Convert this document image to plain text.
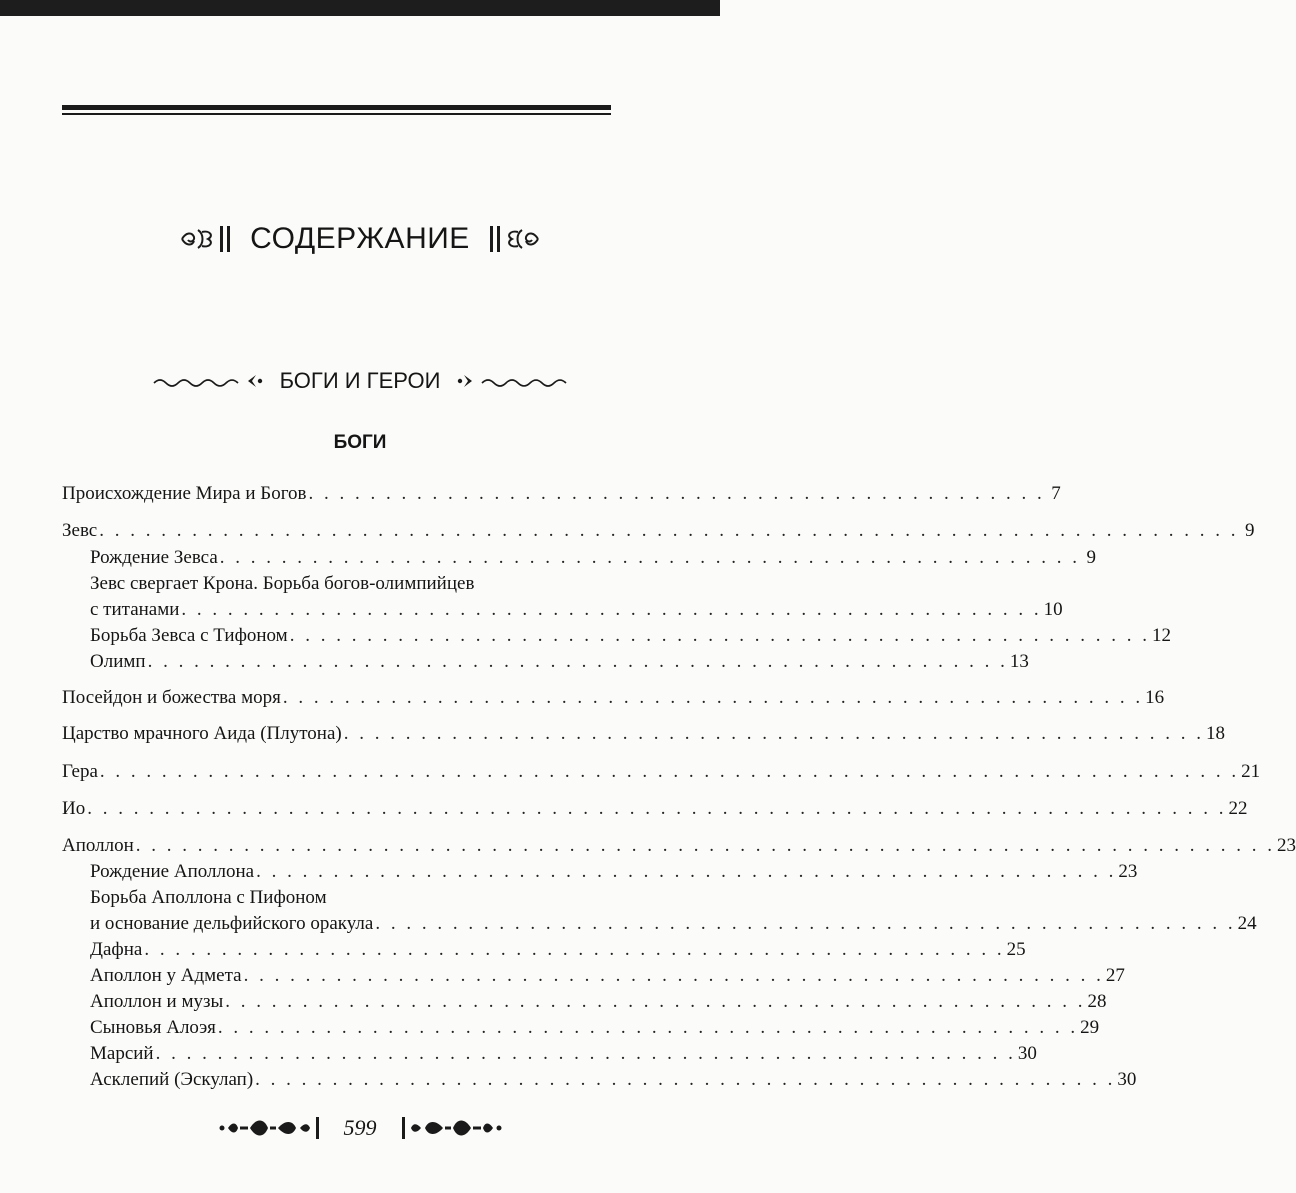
СОДЕРЖАНИЕ
БОГИ И ГЕРОИ
БОГИ
Происхождение Мира и Богов . . . . . . . . . . . . . . . . . . . . . . . . . . . . . . . . . . . . . . . . . . . . . . . . 7
Зевс . . . . . . . . . . . . . . . . . . . . . . . . . . . . . . . . . . . . . . . . . . . . . . . . . . . . . . . . . . . . . . . . . . . . . . . . . . 9
Рождение Зевса . . . . . . . . . . . . . . . . . . . . . . . . . . . . . . . . . . . . . . . . . . . . . . . . . . . . . . . . 9
Зевс свергает Крона. Борьба богов-олимпийцев
с титанами . . . . . . . . . . . . . . . . . . . . . . . . . . . . . . . . . . . . . . . . . . . . . . . . . . . . . . . . 10
Борьба Зевса с Тифоном . . . . . . . . . . . . . . . . . . . . . . . . . . . . . . . . . . . . . . . . . . . . . . . . . . . . . . . . 12
Олимп . . . . . . . . . . . . . . . . . . . . . . . . . . . . . . . . . . . . . . . . . . . . . . . . . . . . . . . . 13
Посейдон и божества моря . . . . . . . . . . . . . . . . . . . . . . . . . . . . . . . . . . . . . . . . . . . . . . . . . . . . . . . . 16
Царство мрачного Аида (Плутона) . . . . . . . . . . . . . . . . . . . . . . . . . . . . . . . . . . . . . . . . . . . . . . . . . . . . . . . . 18
Гера . . . . . . . . . . . . . . . . . . . . . . . . . . . . . . . . . . . . . . . . . . . . . . . . . . . . . . . . . . . . . . . . . . . . . . . . . . 21
Ио . . . . . . . . . . . . . . . . . . . . . . . . . . . . . . . . . . . . . . . . . . . . . . . . . . . . . . . . . . . . . . . . . . . . . . . . . . 22
Аполлон . . . . . . . . . . . . . . . . . . . . . . . . . . . . . . . . . . . . . . . . . . . . . . . . . . . . . . . . . . . . . . . . . . . . . . . . . . 23
Рождение Аполлона . . . . . . . . . . . . . . . . . . . . . . . . . . . . . . . . . . . . . . . . . . . . . . . . . . . . . . . . 23
Борьба Аполлона с Пифоном
и основание дельфийского оракула . . . . . . . . . . . . . . . . . . . . . . . . . . . . . . . . . . . . . . . . . . . . . . . . . . . . . . . . 24
Дафна . . . . . . . . . . . . . . . . . . . . . . . . . . . . . . . . . . . . . . . . . . . . . . . . . . . . . . . . 25
Аполлон у Адмета . . . . . . . . . . . . . . . . . . . . . . . . . . . . . . . . . . . . . . . . . . . . . . . . . . . . . . . . 27
Аполлон и музы . . . . . . . . . . . . . . . . . . . . . . . . . . . . . . . . . . . . . . . . . . . . . . . . . . . . . . . . 28
Сыновья Алоэя . . . . . . . . . . . . . . . . . . . . . . . . . . . . . . . . . . . . . . . . . . . . . . . . . . . . . . . . 29
Марсий . . . . . . . . . . . . . . . . . . . . . . . . . . . . . . . . . . . . . . . . . . . . . . . . . . . . . . . . 30
Асклепий (Эскулап) . . . . . . . . . . . . . . . . . . . . . . . . . . . . . . . . . . . . . . . . . . . . . . . . . . . . . . . . 30
599
